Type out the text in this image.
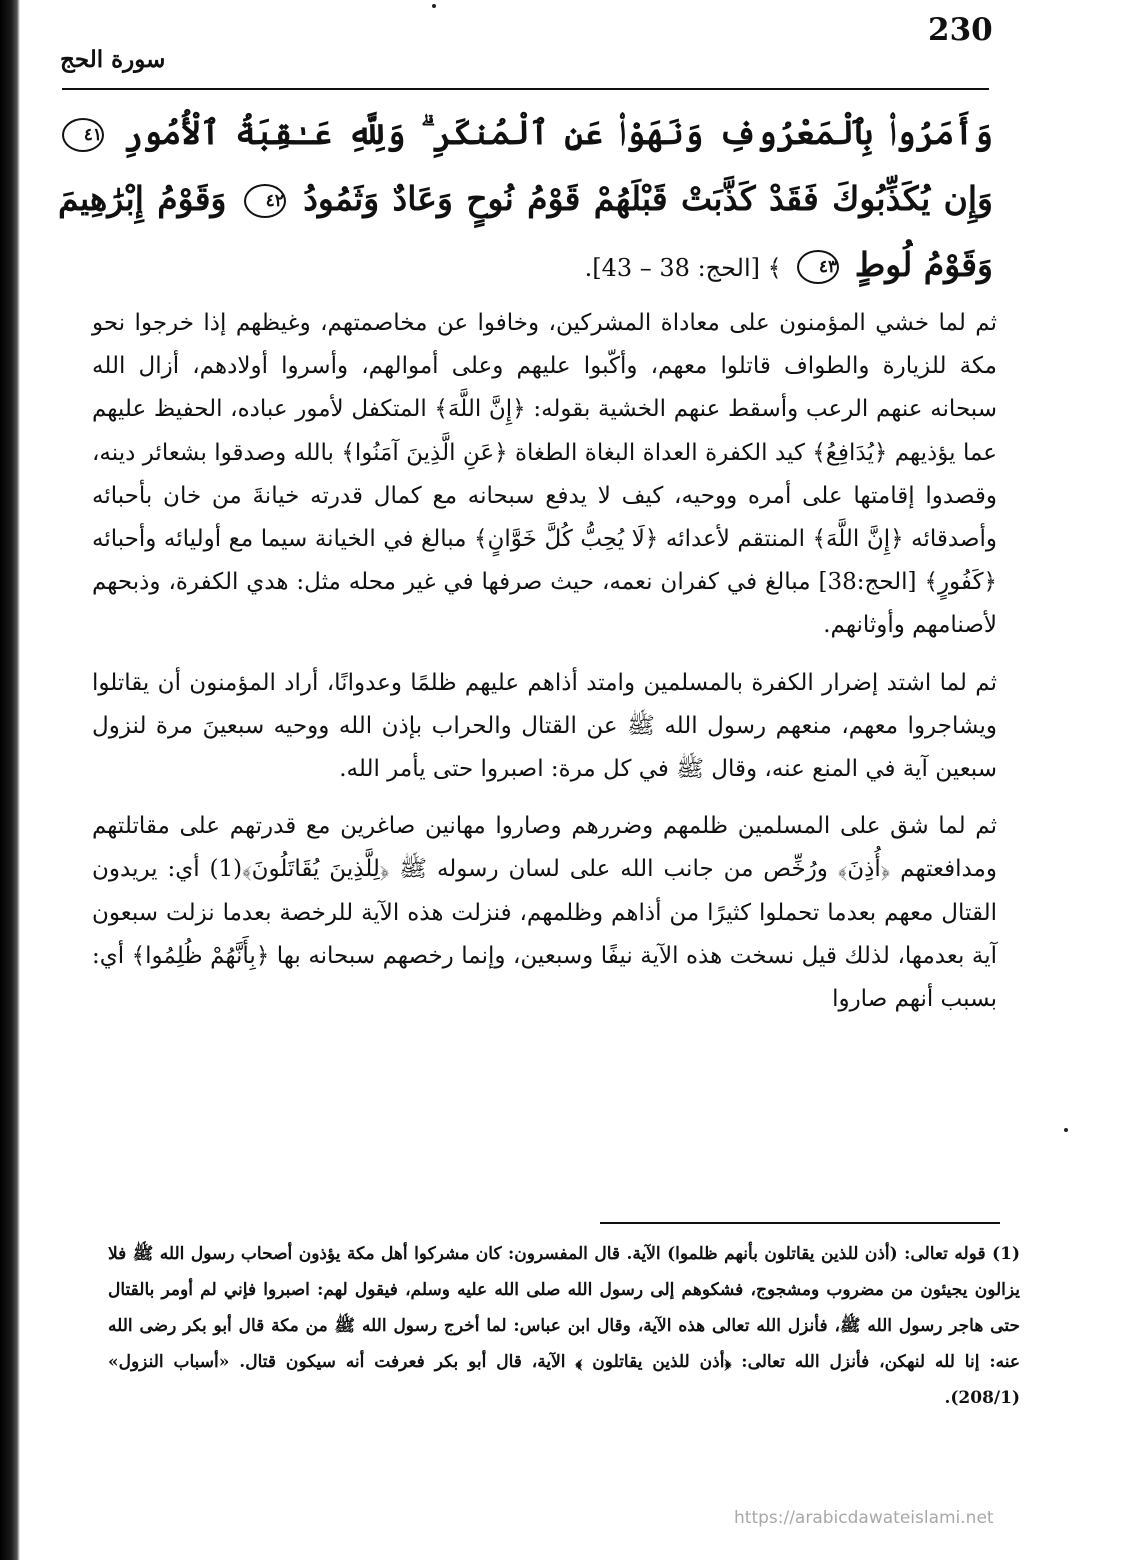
230
سورة الحج
وَأَمَرُوا۟ بِٱلْمَعْرُوفِ وَنَهَوْا۟ عَنِ ٱلْمُنكَرِ ۗ وَلِلَّهِ عَـٰقِبَةُ ٱلْأُمُورِ ٤١ وَإِن يُكَذِّبُوكَ فَقَدْ كَذَّبَتْ قَبْلَهُمْ قَوْمُ نُوحٍ وَعَادٌ وَثَمُودُ ٤٢ وَقَوْمُ إِبْرَٰهِيمَ وَقَوْمُ لُوطٍ ٤٣ ﴾ [الحج: 38 – 43].

ثم لما خشي المؤمنون على معاداة المشركين، وخافوا عن مخاصمتهم، وغيظهم إذا خرجوا نحو مكة للزيارة والطواف قاتلوا معهم، وأكّبوا عليهم وعلى أموالهم، وأسروا أولادهم، أزال الله سبحانه عنهم الرعب وأسقط عنهم الخشية بقوله: ﴿إِنَّ اللَّهَ﴾ المتكفل لأمور عباده، الحفيظ عليهم عما يؤذيهم ﴿يُدَافِعُ﴾ كيد الكفرة العداة البغاة الطغاة ﴿عَنِ الَّذِينَ آمَنُوا﴾ بالله وصدقوا بشعائر دينه، وقصدوا إقامتها على أمره ووحيه، كيف لا يدفع سبحانه مع كمال قدرته خيانةَ من خان بأحبائه وأصدقائه ﴿إِنَّ اللَّهَ﴾ المنتقم لأعدائه ﴿لَا يُحِبُّ كُلَّ خَوَّانٍ﴾ مبالغ في الخيانة سيما مع أوليائه وأحبائه ﴿كَفُورٍ﴾ [الحج:38] مبالغ في كفران نعمه، حيث صرفها في غير محله مثل: هدي الكفرة، وذبحهم لأصنامهم وأوثانهم.

ثم لما اشتد إضرار الكفرة بالمسلمين وامتد أذاهم عليهم ظلمًا وعدوانًا، أراد المؤمنون أن يقاتلوا ويشاجروا معهم، منعهم رسول الله ﷺ عن القتال والحراب بإذن الله ووحيه سبعينَ مرة لنزول سبعين آية في المنع عنه، وقال ﷺ في كل مرة: اصبروا حتى يأمر الله.

ثم لما شق على المسلمين ظلمهم وضررهم وصاروا مهانين صاغرين مع قدرتهم على مقاتلتهم ومدافعتهم ﴿أُذِنَ﴾ ورُخِّص من جانب الله على لسان رسوله ﷺ ﴿لِلَّذِينَ يُقَاتَلُونَ﴾(1) أي: يريدون القتال معهم بعدما تحملوا كثيرًا من أذاهم وظلمهم، فنزلت هذه الآية للرخصة بعدما نزلت سبعون آية بعدمها، لذلك قيل نسخت هذه الآية نيفًا وسبعين، وإنما رخصهم سبحانه بها ﴿بِأَنَّهُمْ ظُلِمُوا﴾ أي: بسبب أنهم صاروا

(1) قوله تعالى: (أذن للذين يقاتلون بأنهم ظلموا) الآية. قال المفسرون: كان مشركوا أهل مكة يؤذون أصحاب رسول الله ﷺ فلا يزالون يجيئون من مضروب ومشجوج، فشكوهم إلى رسول الله صلى الله عليه وسلم، فيقول لهم: اصبروا فإني لم أومر بالقتال حتى هاجر رسول الله ﷺ، فأنزل الله تعالى هذه الآية، وقال ابن عباس: لما أخرج رسول الله ﷺ من مكة قال أبو بكر رضى الله عنه: إنا لله لنهكن، فأنزل الله تعالى: ﴿أذن للذين يقاتلون ﴾ الآية، قال أبو بكر فعرفت أنه سيكون قتال. «أسباب النزول» (208/1).
https://arabicdawateislami.net
